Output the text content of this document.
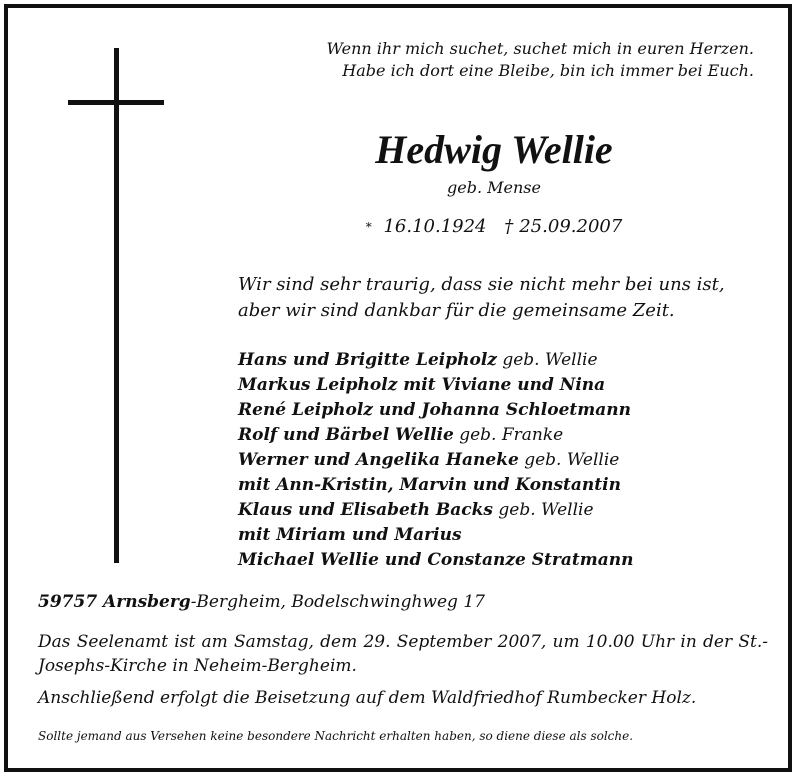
Wenn ihr mich suchet, suchet mich in euren Herzen.
Habe ich dort eine Bleibe, bin ich immer bei Euch.
Hedwig Wellie
geb. Mense
* 16.10.1924 † 25.09.2007
Wir sind sehr traurig, dass sie nicht mehr bei uns ist,
aber wir sind dankbar für die gemeinsame Zeit.
Hans und Brigitte Leipholz geb. Wellie
Markus Leipholz mit Viviane und Nina
René Leipholz und Johanna Schloetmann
Rolf und Bärbel Wellie geb. Franke
Werner und Angelika Haneke geb. Wellie
mit Ann-Kristin, Marvin und Konstantin
Klaus und Elisabeth Backs geb. Wellie
mit Miriam und Marius
Michael Wellie und Constanze Stratmann
59757 Arnsberg-Bergheim, Bodelschwinghweg 17
Das Seelenamt ist am Samstag, dem 29. September 2007, um 10.00 Uhr in der St.-Josephs-Kirche in Neheim-Bergheim.
Anschließend erfolgt die Beisetzung auf dem Waldfriedhof Rumbecker Holz.
Sollte jemand aus Versehen keine besondere Nachricht erhalten haben, so diene diese als solche.
